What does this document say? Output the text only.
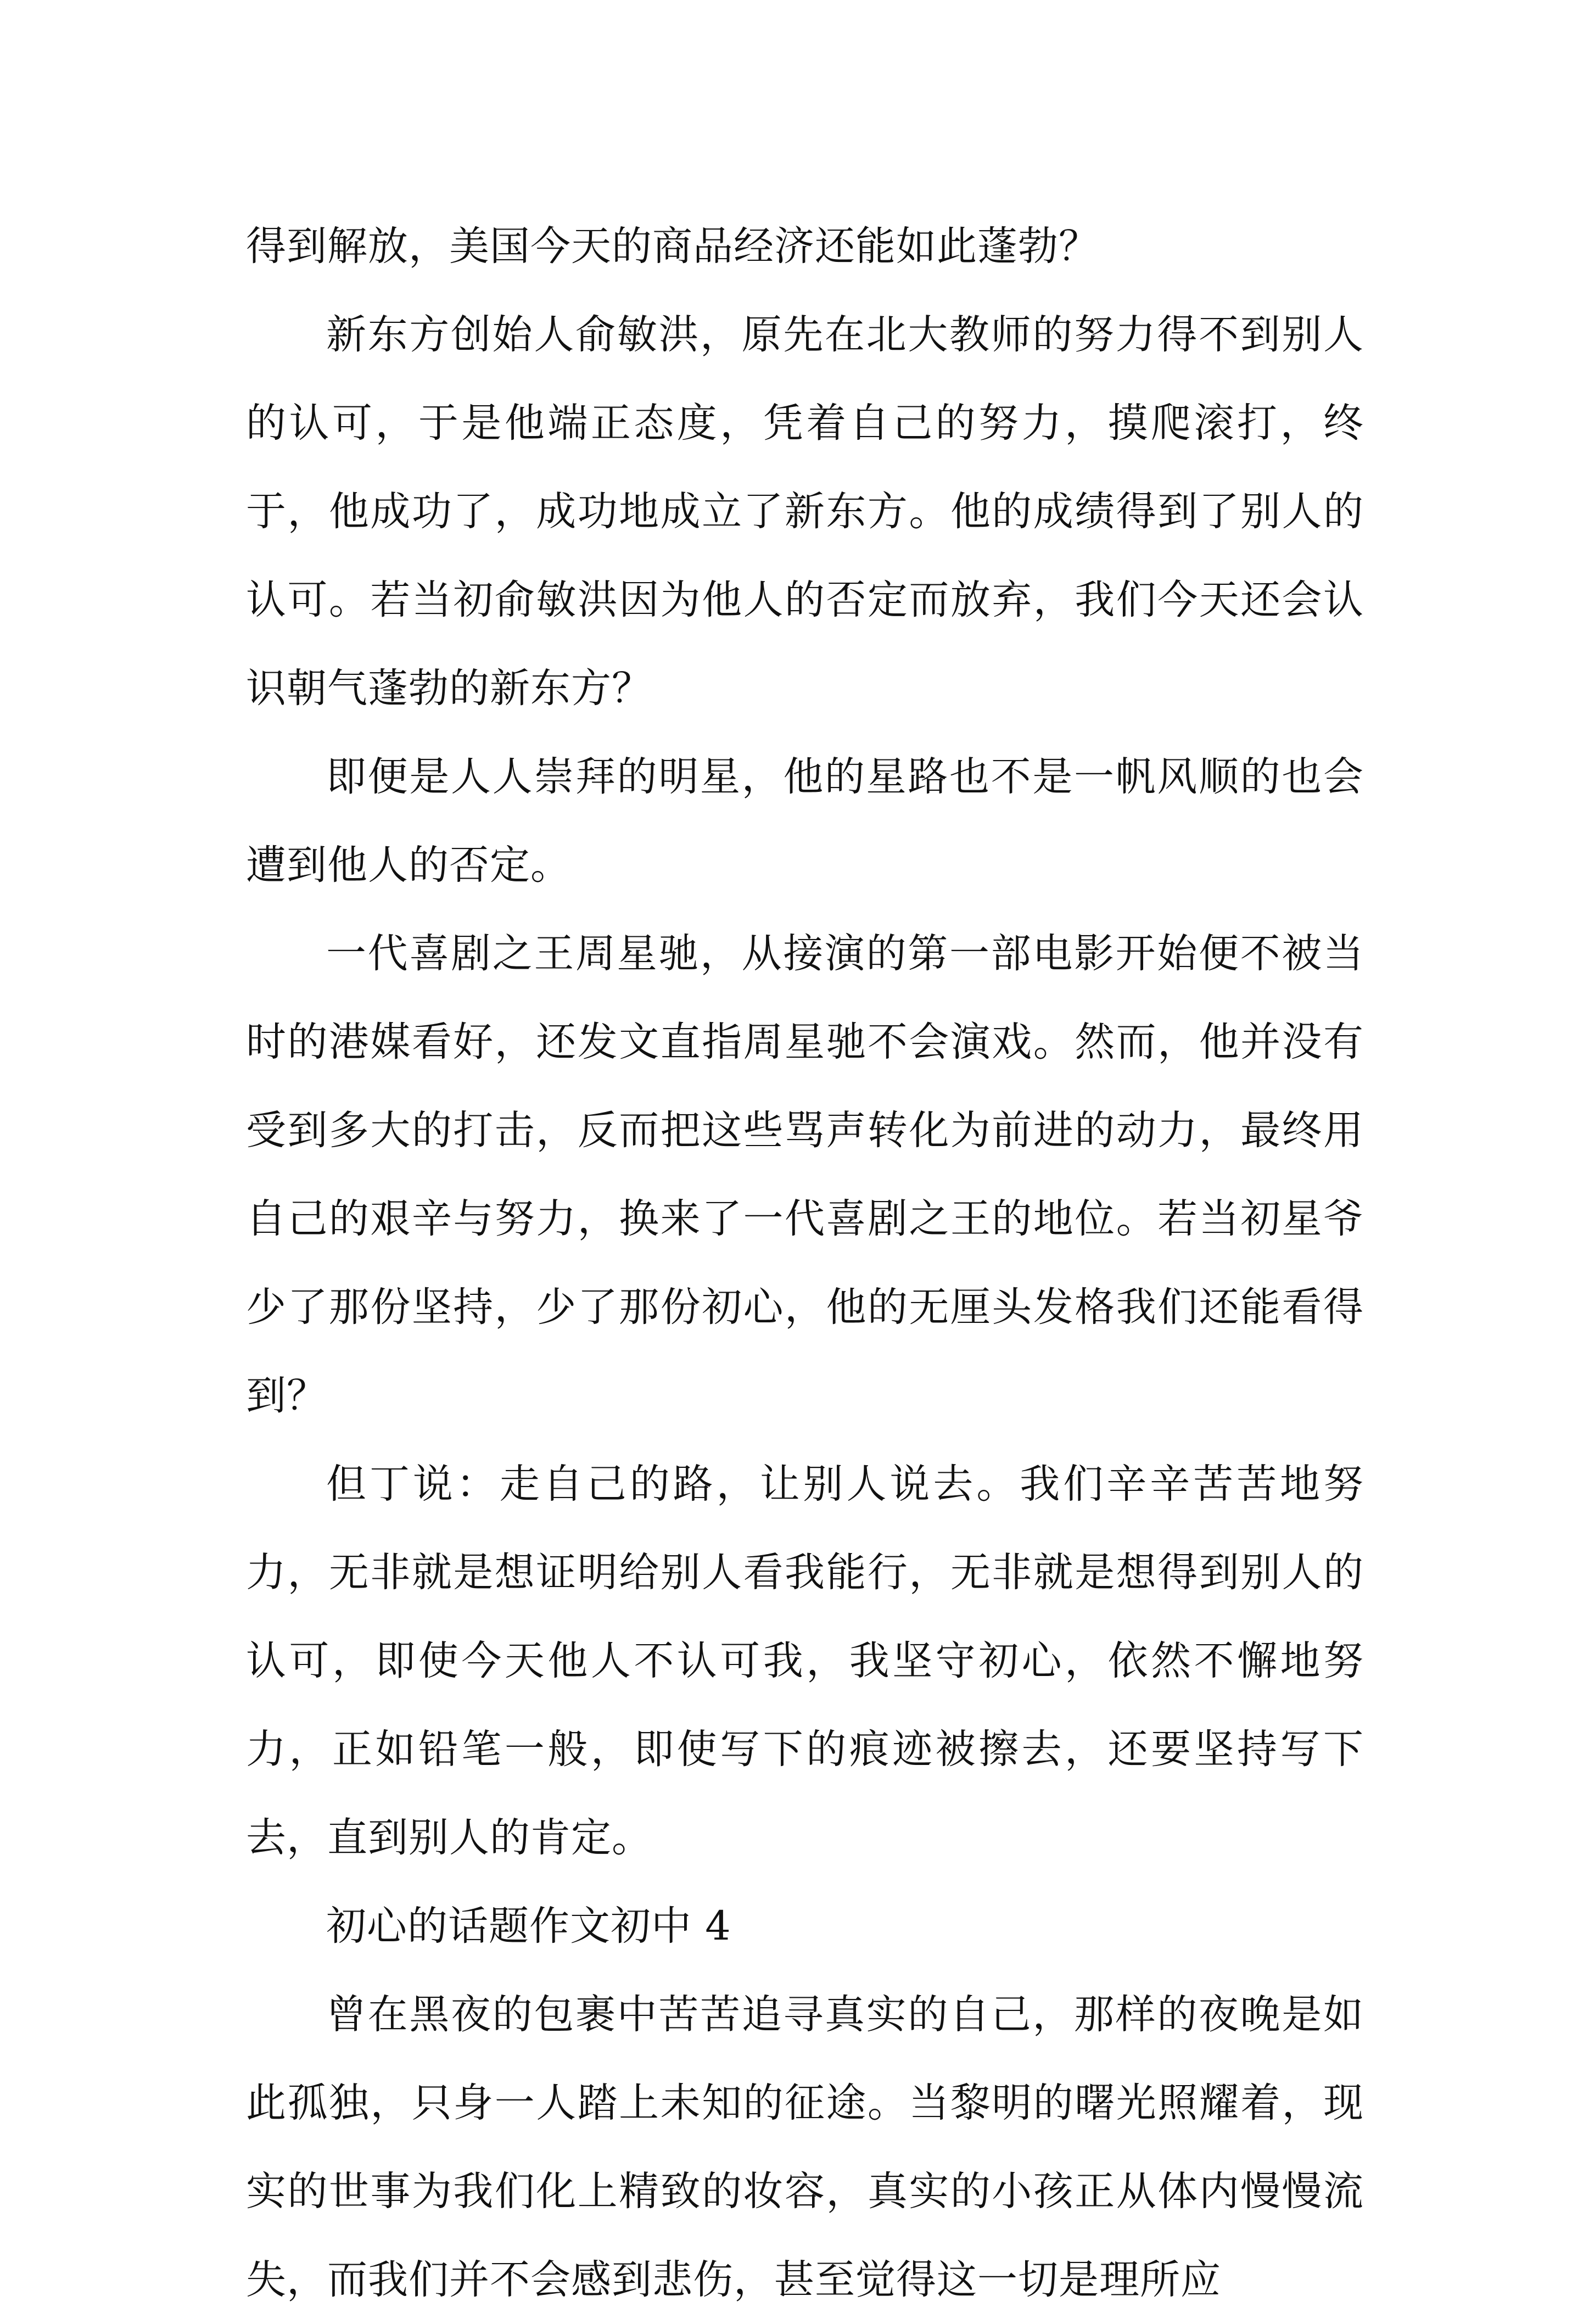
得到解放，美国今天的商品经济还能如此蓬勃？

新东方创始人俞敏洪，原先在北大教师的努力得不到别人的认可，于是他端正态度，凭着自己的努力，摸爬滚打，终于，他成功了，成功地成立了新东方。他的成绩得到了别人的认可。若当初俞敏洪因为他人的否定而放弃，我们今天还会认识朝气蓬勃的新东方？

即便是人人崇拜的明星，他的星路也不是一帆风顺的也会遭到他人的否定。

一代喜剧之王周星驰，从接演的第一部电影开始便不被当时的港媒看好，还发文直指周星驰不会演戏。然而，他并没有受到多大的打击，反而把这些骂声转化为前进的动力，最终用自己的艰辛与努力，换来了一代喜剧之王的地位。若当初星爷少了那份坚持，少了那份初心，他的无厘头发格我们还能看得到？

但丁说：走自己的路，让别人说去。我们辛辛苦苦地努力，无非就是想证明给别人看我能行，无非就是想得到别人的认可，即使今天他人不认可我，我坚守初心，依然不懈地努力，正如铅笔一般，即使写下的痕迹被擦去，还要坚持写下去，直到别人的肯定。

初心的话题作文初中 4

曾在黑夜的包裹中苦苦追寻真实的自己，那样的夜晚是如此孤独，只身一人踏上未知的征途。当黎明的曙光照耀着，现实的世事为我们化上精致的妆容，真实的小孩正从体内慢慢流失，而我们并不会感到悲伤，甚至觉得这一切是理所应
